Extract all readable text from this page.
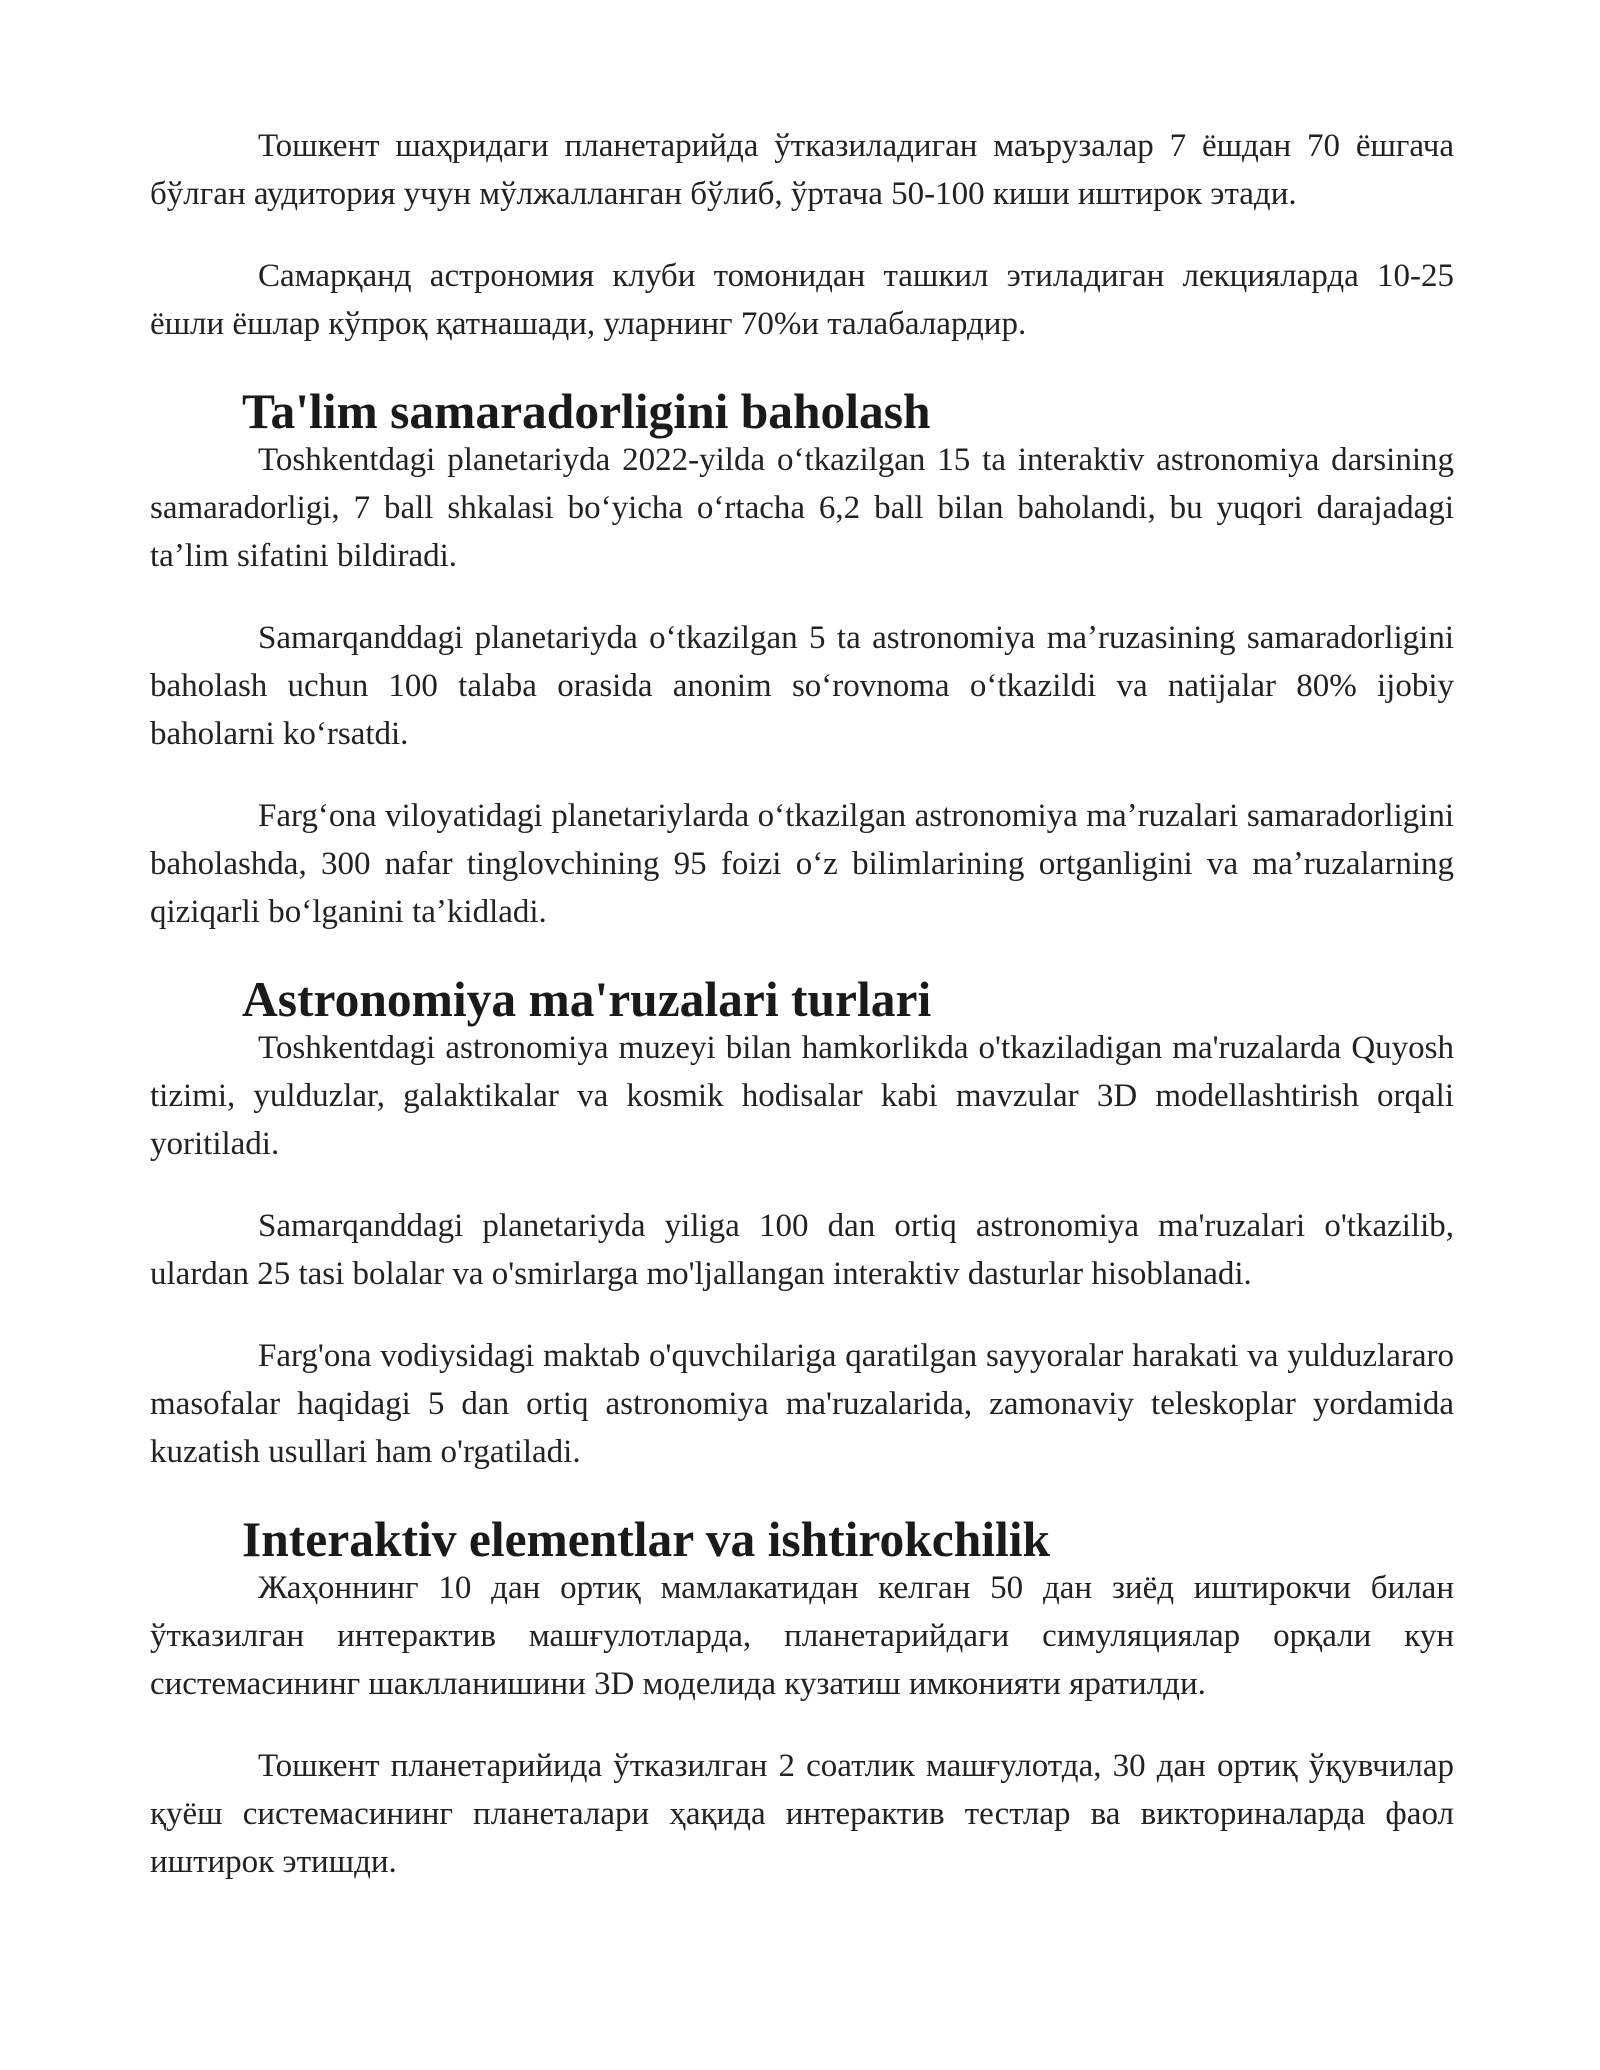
Тошкент шаҳридаги планетарийда ўтказиладиган маърузалар 7 ёшдан 70 ёшгача бўлган аудитория учун мўлжалланган бўлиб, ўртача 50-100 киши иштирок этади.

Самарқанд астрономия клуби томонидан ташкил этиладиган лекцияларда 10-25 ёшли ёшлар кўпроқ қатнашади, уларнинг 70%и талабалардир.

Ta'lim samaradorligini baholash

Toshkentdagi planetariyda 2022-yilda oʻtkazilgan 15 ta interaktiv astronomiya darsining samaradorligi, 7 ball shkalasi boʻyicha oʻrtacha 6,2 ball bilan baholandi, bu yuqori darajadagi taʼlim sifatini bildiradi.

Samarqanddagi planetariyda oʻtkazilgan 5 ta astronomiya maʼruzasining samaradorligini baholash uchun 100 talaba orasida anonim soʻrovnoma oʻtkazildi va natijalar 80% ijobiy baholarni koʻrsatdi.

Fargʻona viloyatidagi planetariylarda oʻtkazilgan astronomiya maʼruzalari samaradorligini baholashda, 300 nafar tinglovchining 95 foizi oʻz bilimlarining ortganligini va maʼruzalarning qiziqarli boʻlganini taʼkidladi.

Astronomiya ma'ruzalari turlari

Toshkentdagi astronomiya muzeyi bilan hamkorlikda o'tkaziladigan ma'ruzalarda Quyosh tizimi, yulduzlar, galaktikalar va kosmik hodisalar kabi mavzular 3D modellashtirish orqali yoritiladi.

Samarqanddagi planetariyda yiliga 100 dan ortiq astronomiya ma'ruzalari o'tkazilib, ulardan 25 tasi bolalar va o'smirlarga mo'ljallangan interaktiv dasturlar hisoblanadi.

Farg'ona vodiysidagi maktab o'quvchilariga qaratilgan sayyoralar harakati va yulduzlararo masofalar haqidagi 5 dan ortiq astronomiya ma'ruzalarida, zamonaviy teleskoplar yordamida kuzatish usullari ham o'rgatiladi.

Interaktiv elementlar va ishtirokchilik

Жаҳоннинг 10 дан ортиқ мамлакатидан келган 50 дан зиёд иштирокчи билан ўтказилган интерактив машғулотларда, планетарийдаги симуляциялар орқали кун системасининг шаклланишини 3D моделида кузатиш имконияти яратилди.

Тошкент планетарийида ўтказилган 2 соатлик машғулотда, 30 дан ортиқ ўқувчилар қуёш системасининг планеталари ҳақида интерактив тестлар ва викториналарда фаол иштирок этишди.
